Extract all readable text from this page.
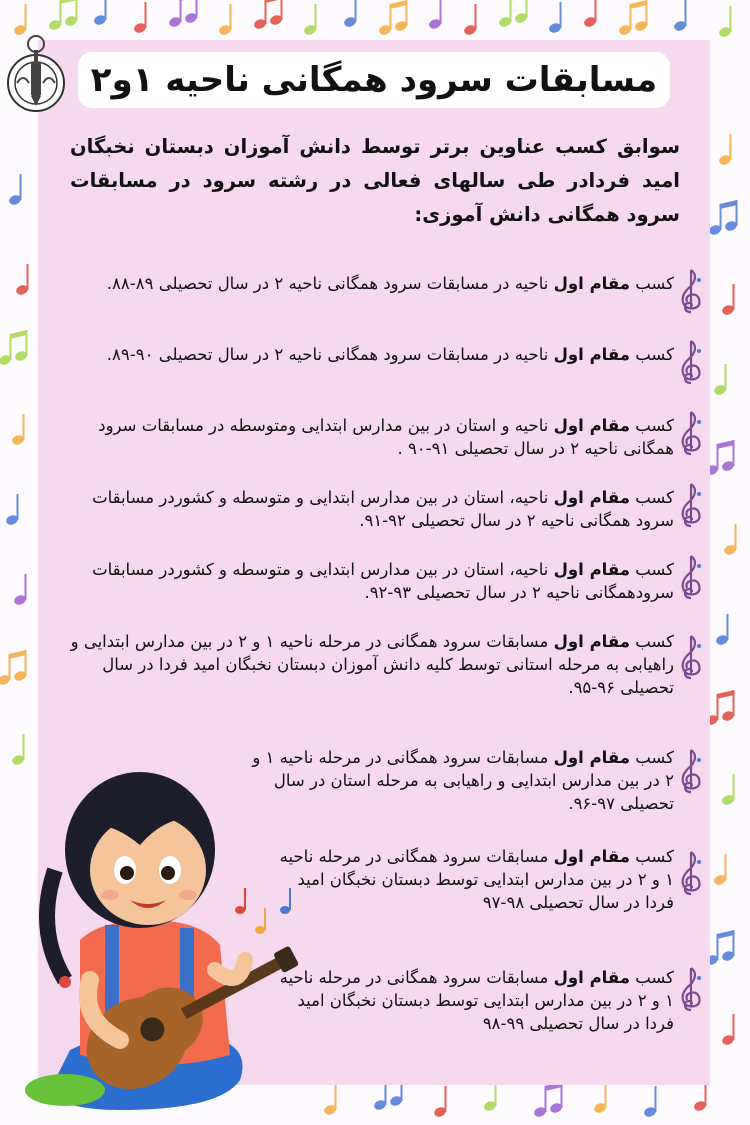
مسابقات سرود همگانی ناحیه ۱و۲
سوابق کسب عناوین برتر توسط دانش آموزان دبستان نخبگان امید فردادر طی سالهای فعالی در رشته سرود در مسابقات سرود همگانی دانش آموزی:
کسب مقام اول ناحیه در مسابقات سرود همگانی ناحیه ۲ در سال تحصیلی ۸۹-۸۸.
کسب مقام اول ناحیه در مسابقات سرود همگانی ناحیه ۲ در سال تحصیلی ۹۰-۸۹.
کسب مقام اول ناحیه و استان در بین مدارس ابتدایی ومتوسطه در مسابقات سرود همگانی ناحیه ۲ در سال تحصیلی ۹۱-۹۰ .
کسب مقام اول ناحیه، استان در بین مدارس ابتدایی و متوسطه و کشوردر مسابقات سرود همگانی ناحیه ۲ در سال تحصیلی ۹۲-۹۱.
کسب مقام اول ناحیه، استان در بین مدارس ابتدایی و متوسطه و کشوردر مسابقات سرودهمگانی ناحیه ۲ در سال تحصیلی ۹۳-۹۲.
کسب مقام اول مسابقات سرود همگانی در مرحله ناحیه ۱ و ۲ در بین مدارس ابتدایی و راهیابی به مرحله استانی توسط کلیه دانش آموزان دبستان نخبگان امید فردا در سال تحصیلی ۹۶-۹۵.
کسب مقام اول مسابقات سرود همگانی در مرحله ناحیه ۱ و ۲ در بین مدارس ابتدایی و راهیابی به مرحله استان در سال تحصیلی ۹۷-۹۶.
کسب مقام اول مسابقات سرود همگانی در مرحله ناحیه ۱ و ۲ در بین مدارس ابتدایی توسط دبستان نخبگان امید فردا در سال تحصیلی ۹۸-۹۷
کسب مقام اول مسابقات سرود همگانی در مرحله ناحیه ۱ و ۲ در بین مدارس ابتدایی توسط دبستان نخبگان امید فردا در سال تحصیلی ۹۹-۹۸
